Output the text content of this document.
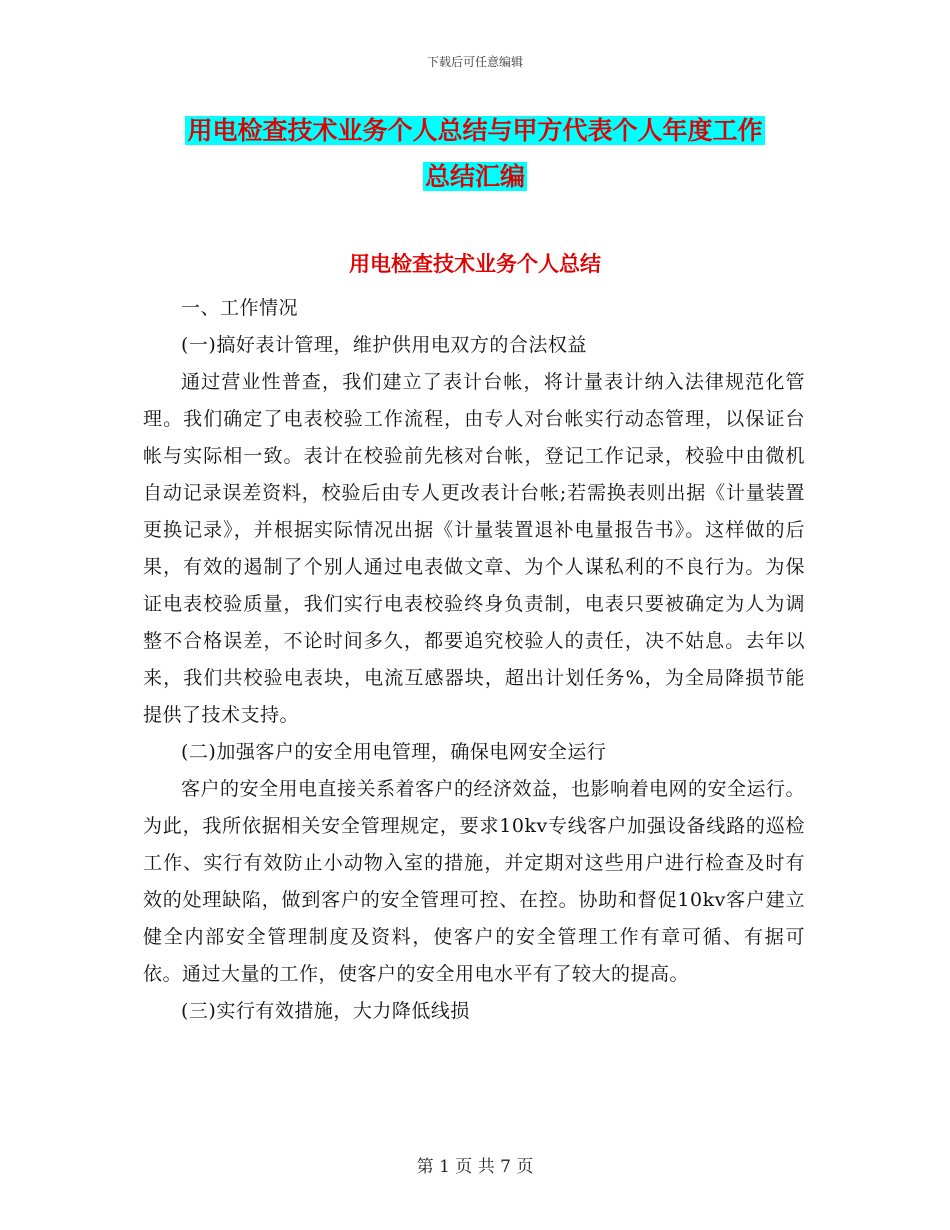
下载后可任意编辑
用电检查技术业务个人总结与甲方代表个人年度工作
总结汇编
用电检查技术业务个人总结

一、工作情况

(一)搞好表计管理，维护供用电双方的合法权益

通过营业性普查，我们建立了表计台帐，将计量表计纳入法律规范化管理。我们确定了电表校验工作流程，由专人对台帐实行动态管理，以保证台帐与实际相一致。表计在校验前先核对台帐，登记工作记录，校验中由微机自动记录误差资料，校验后由专人更改表计台帐;若需换表则出据《计量装置更换记录》，并根据实际情况出据《计量装置退补电量报告书》。这样做的后果，有效的遏制了个别人通过电表做文章、为个人谋私利的不良行为。为保证电表校验质量，我们实行电表校验终身负责制，电表只要被确定为人为调整不合格误差，不论时间多久，都要追究校验人的责任，决不姑息。去年以来，我们共校验电表块，电流互感器块，超出计划任务%，为全局降损节能提供了技术支持。

(二)加强客户的安全用电管理，确保电网安全运行

客户的安全用电直接关系着客户的经济效益，也影响着电网的安全运行。为此，我所依据相关安全管理规定，要求10kv专线客户加强设备线路的巡检工作、实行有效防止小动物入室的措施，并定期对这些用户进行检查及时有效的处理缺陷，做到客户的安全管理可控、在控。协助和督促10kv客户建立健全内部安全管理制度及资料，使客户的安全管理工作有章可循、有据可依。通过大量的工作，使客户的安全用电水平有了较大的提高。

(三)实行有效措施，大力降低线损

第 1 页 共 7 页
